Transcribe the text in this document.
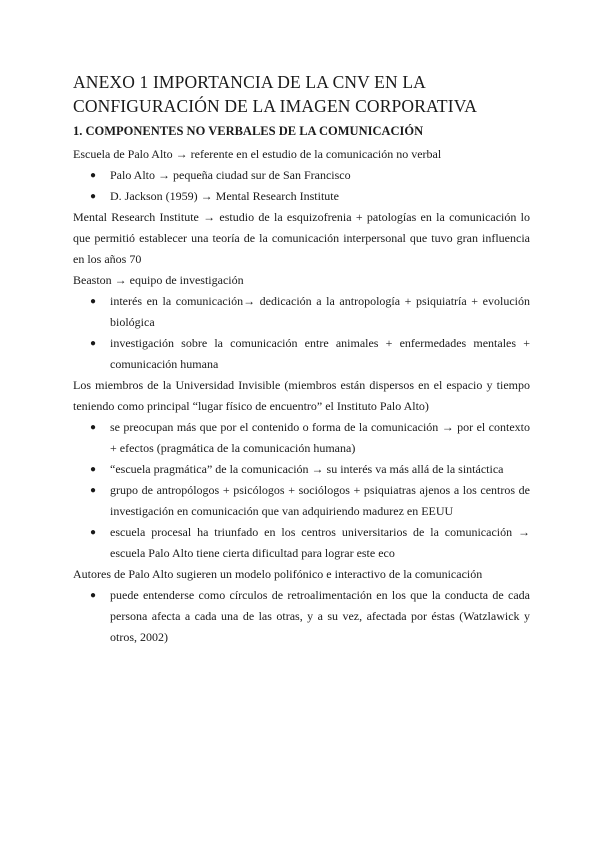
ANEXO 1 IMPORTANCIA DE LA CNV EN LA CONFIGURACIÓN DE LA IMAGEN CORPORATIVA
1. COMPONENTES NO VERBALES DE LA COMUNICACIÓN

Escuela de Palo Alto → referente en el estudio de la comunicación no verbal

● Palo Alto → pequeña ciudad sur de San Francisco
● D. Jackson (1959) → Mental Research Institute

Mental Research Institute → estudio de la esquizofrenia + patologías en la comunicación lo que permitió establecer una teoría de la comunicación interpersonal que tuvo gran influencia en los años 70

Beaston → equipo de investigación

● interés en la comunicación→ dedicación a la antropología + psiquiatría + evolución biológica
● investigación sobre la comunicación entre animales + enfermedades mentales + comunicación humana

Los miembros de la Universidad Invisible (miembros están dispersos en el espacio y tiempo teniendo como principal “lugar físico de encuentro” el Instituto Palo Alto)

● se preocupan más que por el contenido o forma de la comunicación → por el contexto + efectos (pragmática de la comunicación humana)
● “escuela pragmática” de la comunicación → su interés va más allá de la sintáctica
● grupo de antropólogos + psicólogos + sociólogos + psiquiatras ajenos a los centros de investigación en comunicación que van adquiriendo madurez en EEUU
● escuela procesal ha triunfado en los centros universitarios de la comunicación → escuela Palo Alto tiene cierta dificultad para lograr este eco

Autores de Palo Alto sugieren un modelo polifónico e interactivo de la comunicación

● puede entenderse como círculos de retroalimentación en los que la conducta de cada persona afecta a cada una de las otras, y a su vez, afectada por éstas (Watzlawick y otros, 2002)
